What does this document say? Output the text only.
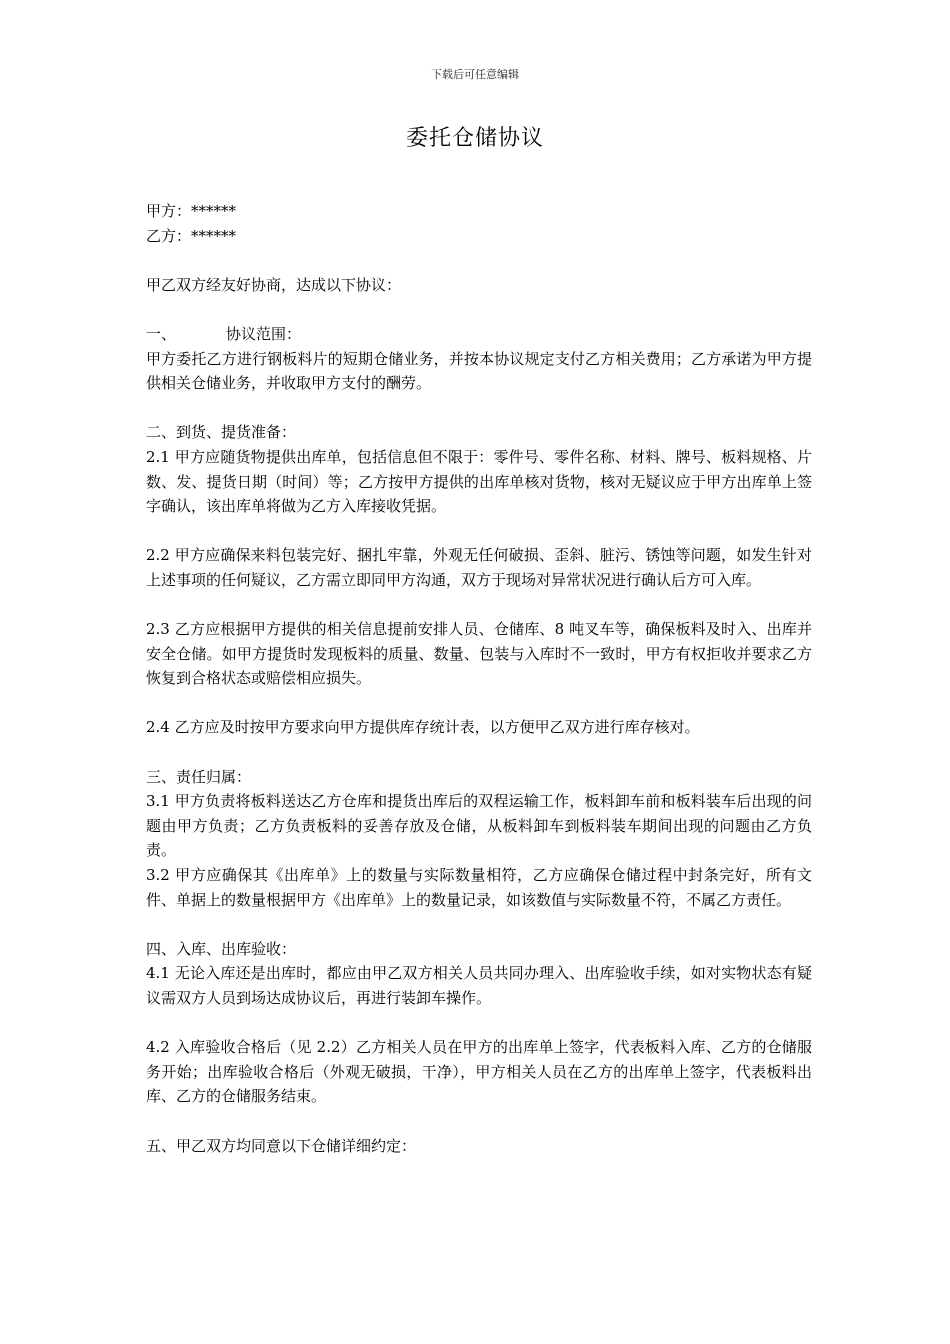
下载后可任意编辑
委托仓储协议

甲方：******

乙方：******

甲乙双方经友好协商，达成以下协议：

一、	协议范围：

甲方委托乙方进行钢板料片的短期仓储业务，并按本协议规定支付乙方相关费用；乙方承诺为甲方提供相关仓储业务，并收取甲方支付的酬劳。

二、到货、提货准备：

2.1 甲方应随货物提供出库单，包括信息但不限于：零件号、零件名称、材料、牌号、板料规格、片数、发、提货日期（时间）等；乙方按甲方提供的出库单核对货物，核对无疑议应于甲方出库单上签字确认，该出库单将做为乙方入库接收凭据。

2.2 甲方应确保来料包装完好、捆扎牢靠，外观无任何破损、歪斜、脏污、锈蚀等问题，如发生针对上述事项的任何疑议，乙方需立即同甲方沟通，双方于现场对异常状况进行确认后方可入库。

2.3 乙方应根据甲方提供的相关信息提前安排人员、仓储库、8 吨叉车等，确保板料及时入、出库并安全仓储。如甲方提货时发现板料的质量、数量、包装与入库时不一致时，甲方有权拒收并要求乙方恢复到合格状态或赔偿相应损失。

2.4 乙方应及时按甲方要求向甲方提供库存统计表，以方便甲乙双方进行库存核对。

三、责任归属：

3.1 甲方负责将板料送达乙方仓库和提货出库后的双程运输工作，板料卸车前和板料装车后出现的问题由甲方负责；乙方负责板料的妥善存放及仓储，从板料卸车到板料装车期间出现的问题由乙方负责。

3.2 甲方应确保其《出库单》上的数量与实际数量相符，乙方应确保仓储过程中封条完好，所有文件、单据上的数量根据甲方《出库单》上的数量记录，如该数值与实际数量不符，不属乙方责任。

四、入库、出库验收：

4.1 无论入库还是出库时，都应由甲乙双方相关人员共同办理入、出库验收手续，如对实物状态有疑议需双方人员到场达成协议后，再进行装卸车操作。

4.2 入库验收合格后（见 2.2）乙方相关人员在甲方的出库单上签字，代表板料入库、乙方的仓储服务开始；出库验收合格后（外观无破损，干净），甲方相关人员在乙方的出库单上签字，代表板料出库、乙方的仓储服务结束。

五、甲乙双方均同意以下仓储详细约定：
